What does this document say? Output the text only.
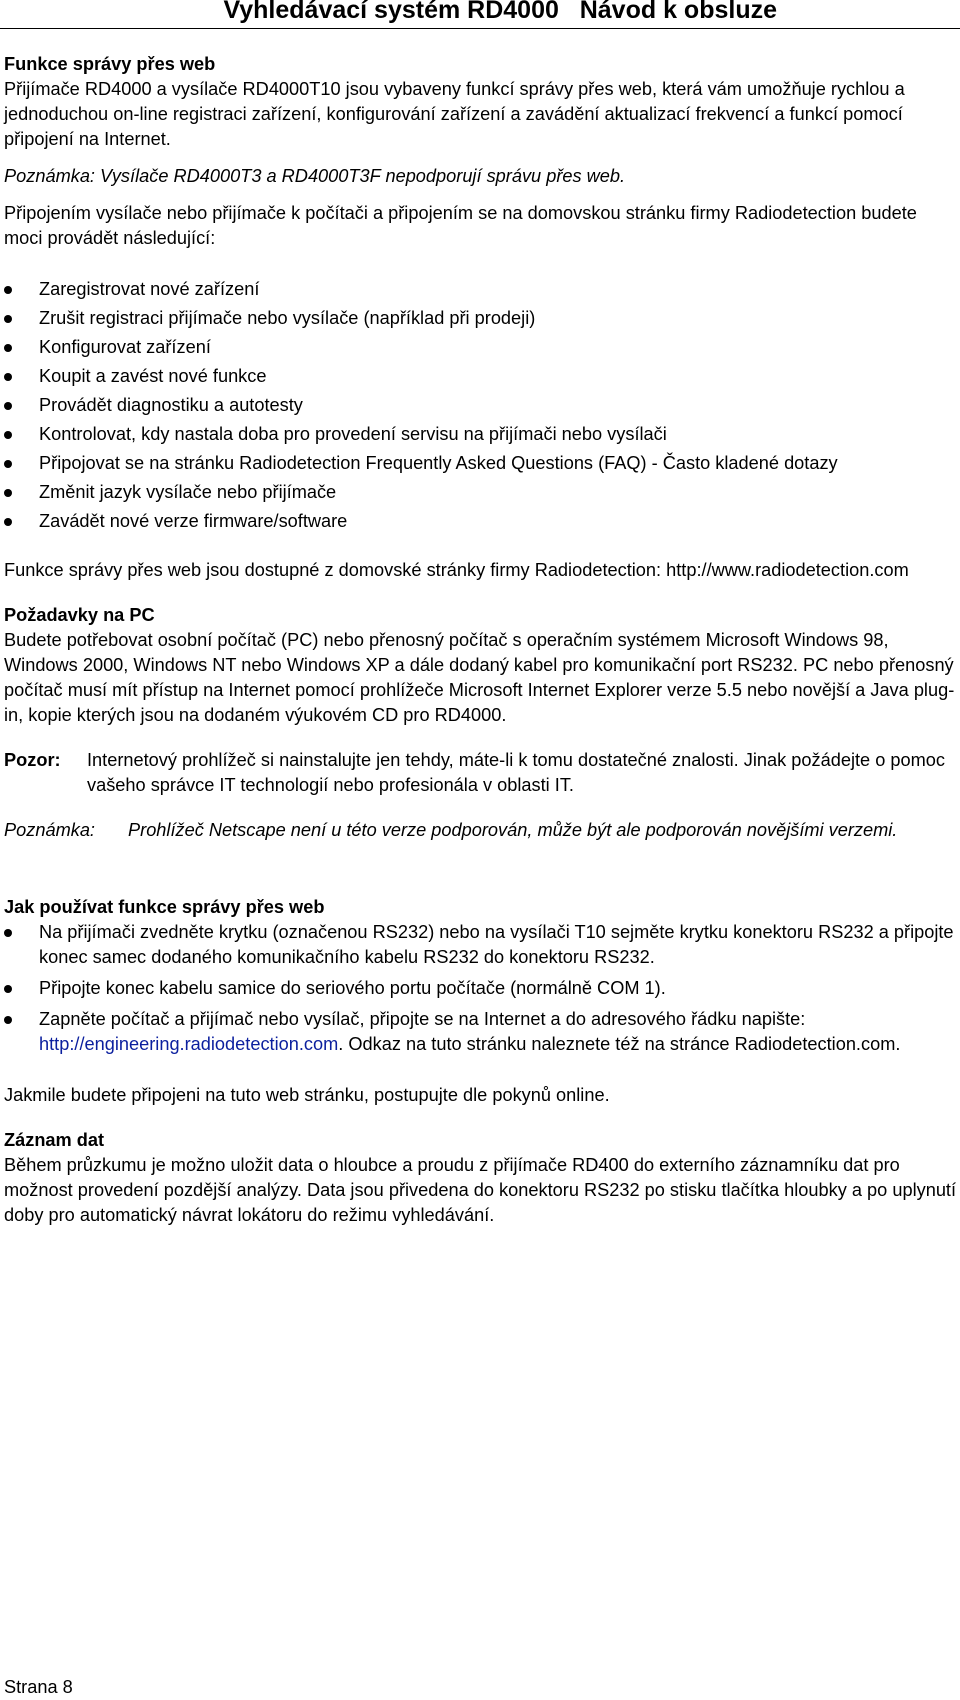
Vyhledávací systém RD4000   Návod k obsluze
Funkce správy přes web

Přijímače RD4000 a vysílače RD4000T10 jsou vybaveny funkcí správy přes web, která vám umožňuje rychlou a jednoduchou on-line registraci zařízení, konfigurování zařízení a zavádění aktualizací frekvencí a funkcí pomocí připojení na Internet.

Poznámka: Vysílače RD4000T3 a RD4000T3F nepodporují správu přes web.

Připojením vysílače nebo přijímače k počítači a připojením se na domovskou stránku firmy Radiodetection budete moci provádět následující:

Zaregistrovat nové zařízení
Zrušit registraci přijímače nebo vysílače (například při prodeji)
Konfigurovat zařízení
Koupit a zavést nové funkce
Provádět diagnostiku a autotesty
Kontrolovat, kdy nastala doba pro provedení servisu na přijímači nebo vysílači
Připojovat se na stránku Radiodetection Frequently Asked Questions (FAQ) - Často kladené dotazy
Změnit jazyk vysílače nebo přijímače
Zavádět nové verze firmware/software

Funkce správy přes web jsou dostupné z domovské stránky firmy Radiodetection: http://www.radiodetection.com

Požadavky na PC

Budete potřebovat osobní počítač (PC) nebo přenosný počítač s operačním systémem Microsoft Windows 98, Windows 2000, Windows NT nebo Windows XP a dále dodaný kabel pro komunikační port RS232. PC nebo přenosný počítač musí mít přístup na Internet pomocí prohlížeče Microsoft Internet Explorer verze 5.5 nebo novější a Java plug-in, kopie kterých jsou na dodaném výukovém CD pro RD4000.

Pozor:	Internetový prohlížeč si nainstalujte jen tehdy, máte-li k tomu dostatečné znalosti. Jinak požádejte o pomoc vašeho správce IT technologií nebo profesionála v oblasti IT.
Poznámka:	Prohlížeč Netscape není u této verze podporován, může být ale podporován novějšími verzemi.
Jak používat funkce správy přes web
Na přijímači zvedněte krytku (označenou RS232) nebo na vysílači T10 sejměte krytku konektoru RS232 a připojte konec samec dodaného komunikačního kabelu RS232 do konektoru RS232.
Připojte konec kabelu samice do seriového portu počítače (normálně COM 1).
Zapněte počítač a přijímač nebo vysílač, připojte se na Internet a do adresového řádku napište: http://engineering.radiodetection.com. Odkaz na tuto stránku naleznete též na stránce Radiodetection.com.

Jakmile budete připojeni na tuto web stránku, postupujte dle pokynů online.

Záznam dat

Během průzkumu je možno uložit data o hloubce a proudu z přijímače RD400 do externího záznamníku dat pro možnost provedení pozdější analýzy. Data jsou přivedena do konektoru RS232 po stisku tlačítka hloubky a po uplynutí doby pro automatický návrat lokátoru do režimu vyhledávání.

Strana 8
